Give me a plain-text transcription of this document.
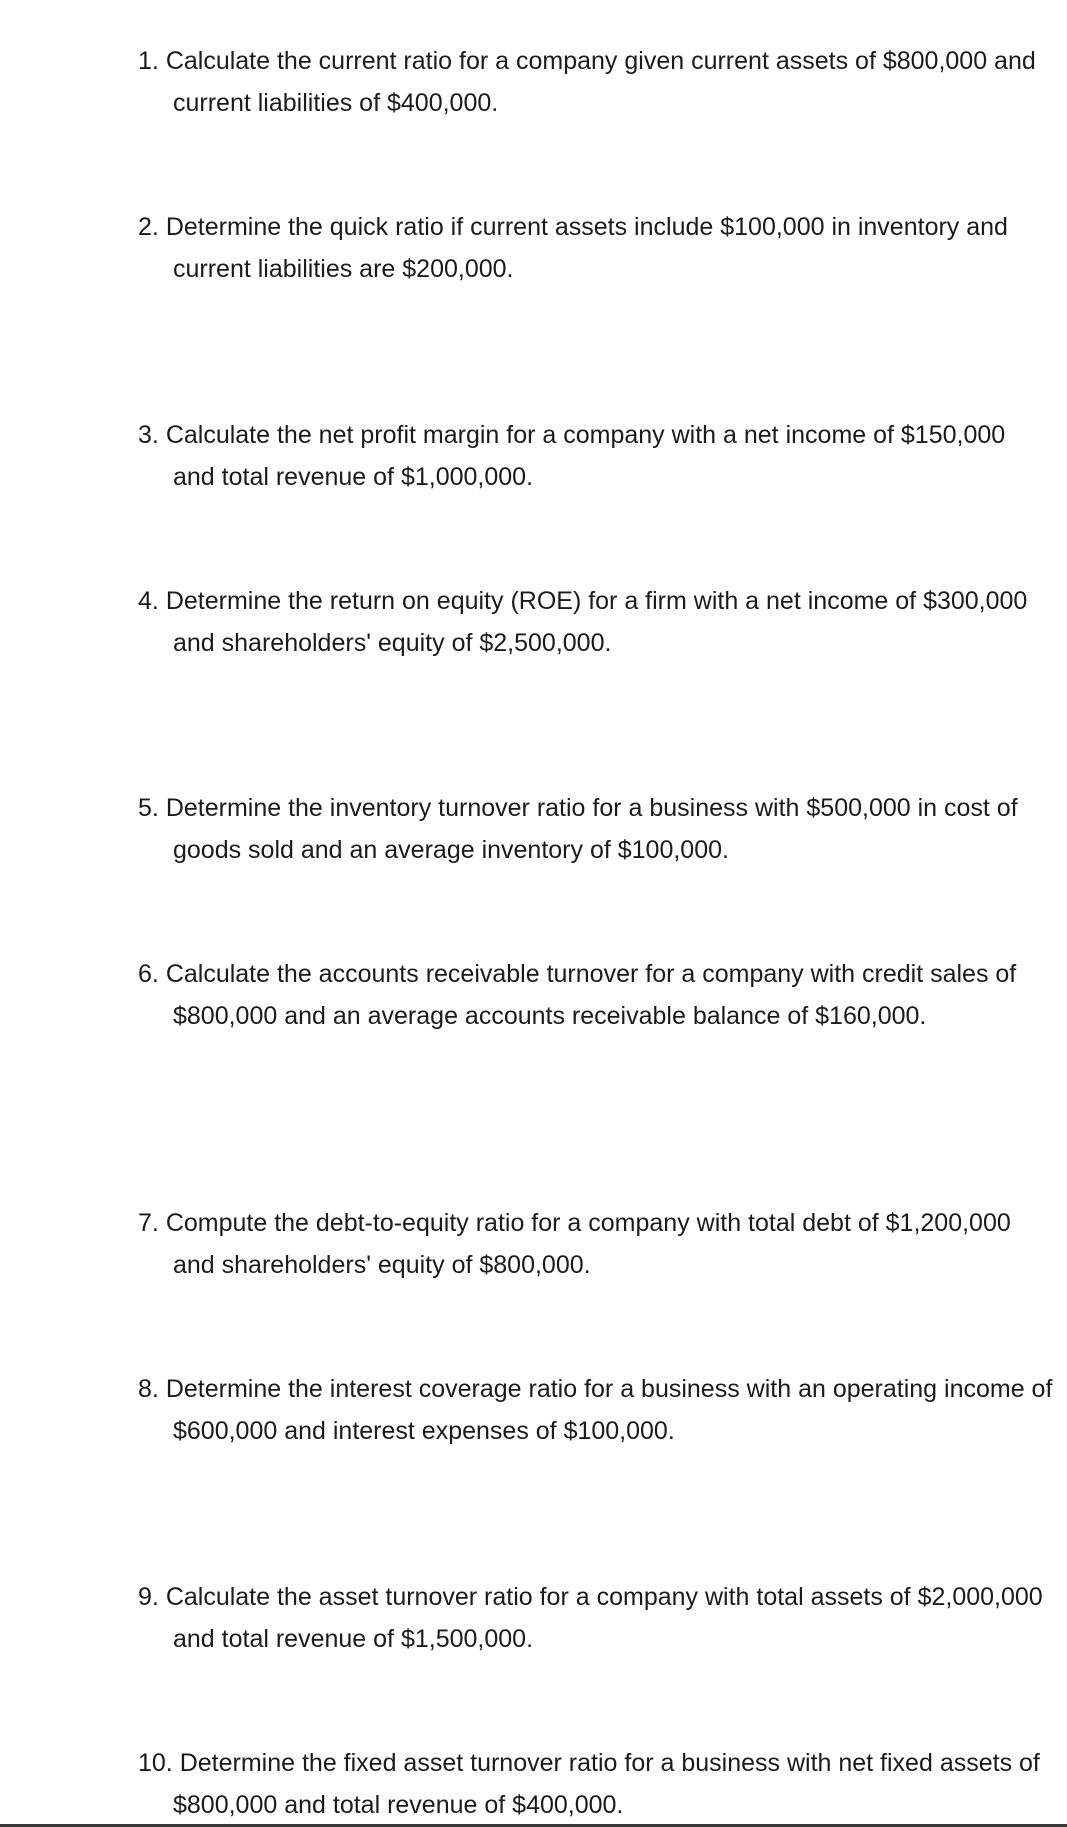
1. Calculate the current ratio for a company given current assets of $800,000 and current liabilities of $400,000.

2. Determine the quick ratio if current assets include $100,000 in inventory and current liabilities are $200,000.

3. Calculate the net profit margin for a company with a net income of $150,000 and total revenue of $1,000,000.

4. Determine the return on equity (ROE) for a firm with a net income of $300,000 and shareholders' equity of $2,500,000.

5. Determine the inventory turnover ratio for a business with $500,000 in cost of goods sold and an average inventory of $100,000.

6. Calculate the accounts receivable turnover for a company with credit sales of $800,000 and an average accounts receivable balance of $160,000.

7. Compute the debt-to-equity ratio for a company with total debt of $1,200,000 and shareholders' equity of $800,000.

8. Determine the interest coverage ratio for a business with an operating income of $600,000 and interest expenses of $100,000.

9. Calculate the asset turnover ratio for a company with total assets of $2,000,000 and total revenue of $1,500,000.

10. Determine the fixed asset turnover ratio for a business with net fixed assets of $800,000 and total revenue of $400,000.
